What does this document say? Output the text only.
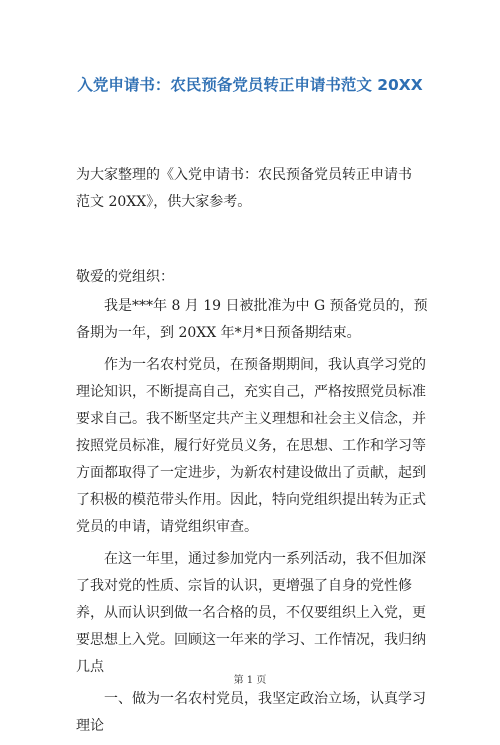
入党申请书：农民预备党员转正申请书范文 20XX
为大家整理的《入党申请书：农民预备党员转正申请书范文 20XX》，供大家参考。

敬爱的党组织：

我是***年 8 月 19 日被批准为中 G 预备党员的，预备期为一年，到 20XX 年*月*日预备期结束。

作为一名农村党员，在预备期期间，我认真学习党的理论知识，不断提高自己，充实自己，严格按照党员标准要求自己。我不断坚定共产主义理想和社会主义信念，并按照党员标准，履行好党员义务，在思想、工作和学习等方面都取得了一定进步，为新农村建设做出了贡献，起到了积极的模范带头作用。因此，特向党组织提出转为正式党员的申请，请党组织审查。

在这一年里，通过参加党内一系列活动，我不但加深了我对党的性质、宗旨的认识，更增强了自身的党性修养，从而认识到做一名合格的员，不仅要组织上入党，更要思想上入党。回顾这一年来的学习、工作情况，我归纳几点

一、做为一名农村党员，我坚定政治立场，认真学习理论

第 1 页
